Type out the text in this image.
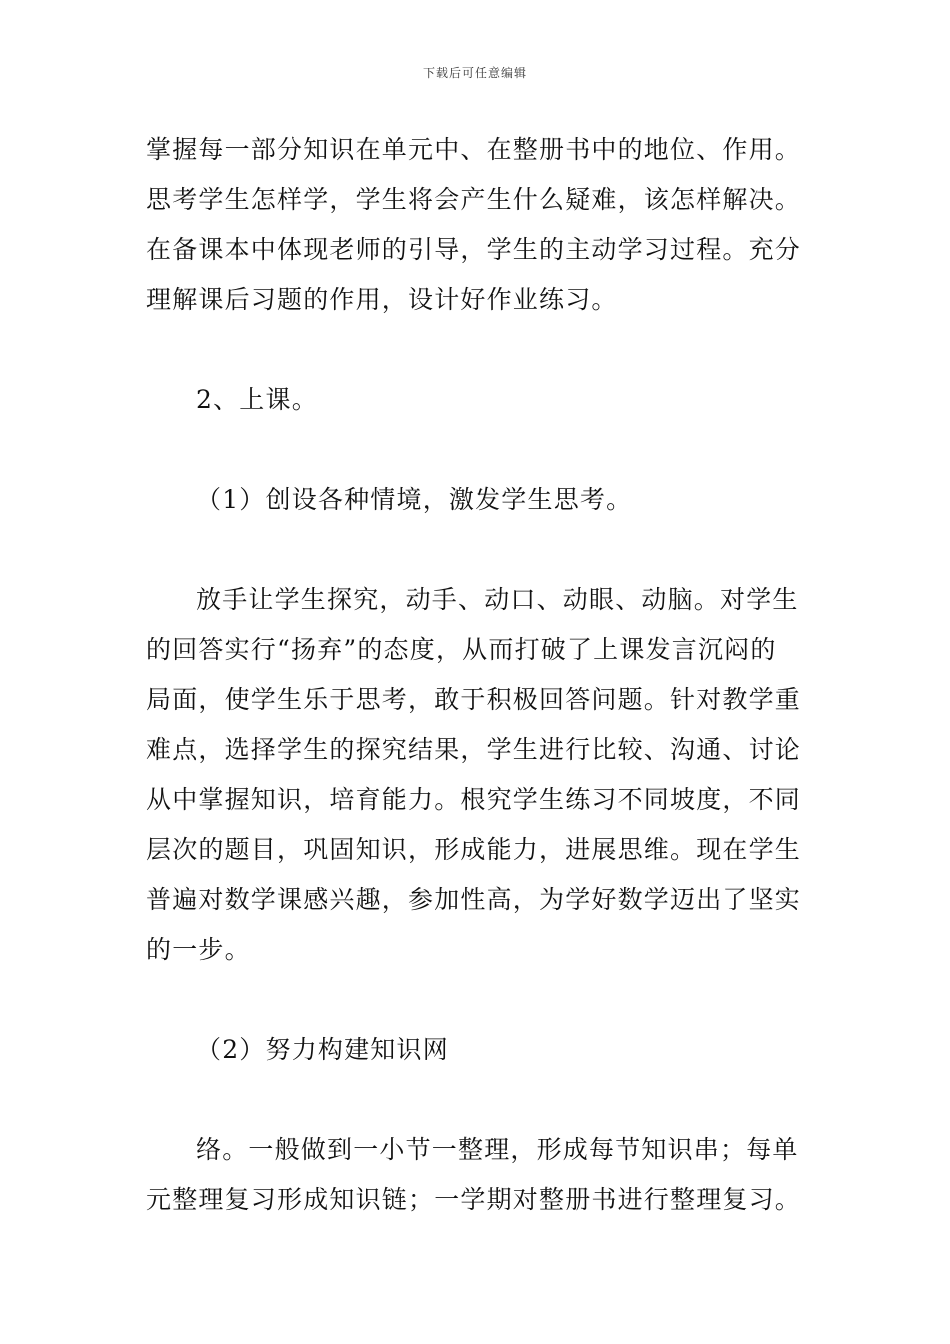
下载后可任意编辑
掌握每一部分知识在单元中、在整册书中的地位、作用。
思考学生怎样学，学生将会产生什么疑难，该怎样解决。
在备课本中体现老师的引导，学生的主动学习过程。充分
理解课后习题的作用，设计好作业练习。
2、上课。
（1）创设各种情境，激发学生思考。
放手让学生探究，动手、动口、动眼、动脑。对学生
的回答实行“扬弃”的态度，从而打破了上课发言沉闷的
局面，使学生乐于思考，敢于积极回答问题。针对教学重
难点，选择学生的探究结果，学生进行比较、沟通、讨论
从中掌握知识，培育能力。根究学生练习不同坡度，不同
层次的题目，巩固知识，形成能力，进展思维。现在学生
普遍对数学课感兴趣，参加性高，为学好数学迈出了坚实
的一步。
（2）努力构建知识网
络。一般做到一小节一整理，形成每节知识串；每单
元整理复习形成知识链；一学期对整册书进行整理复习。
